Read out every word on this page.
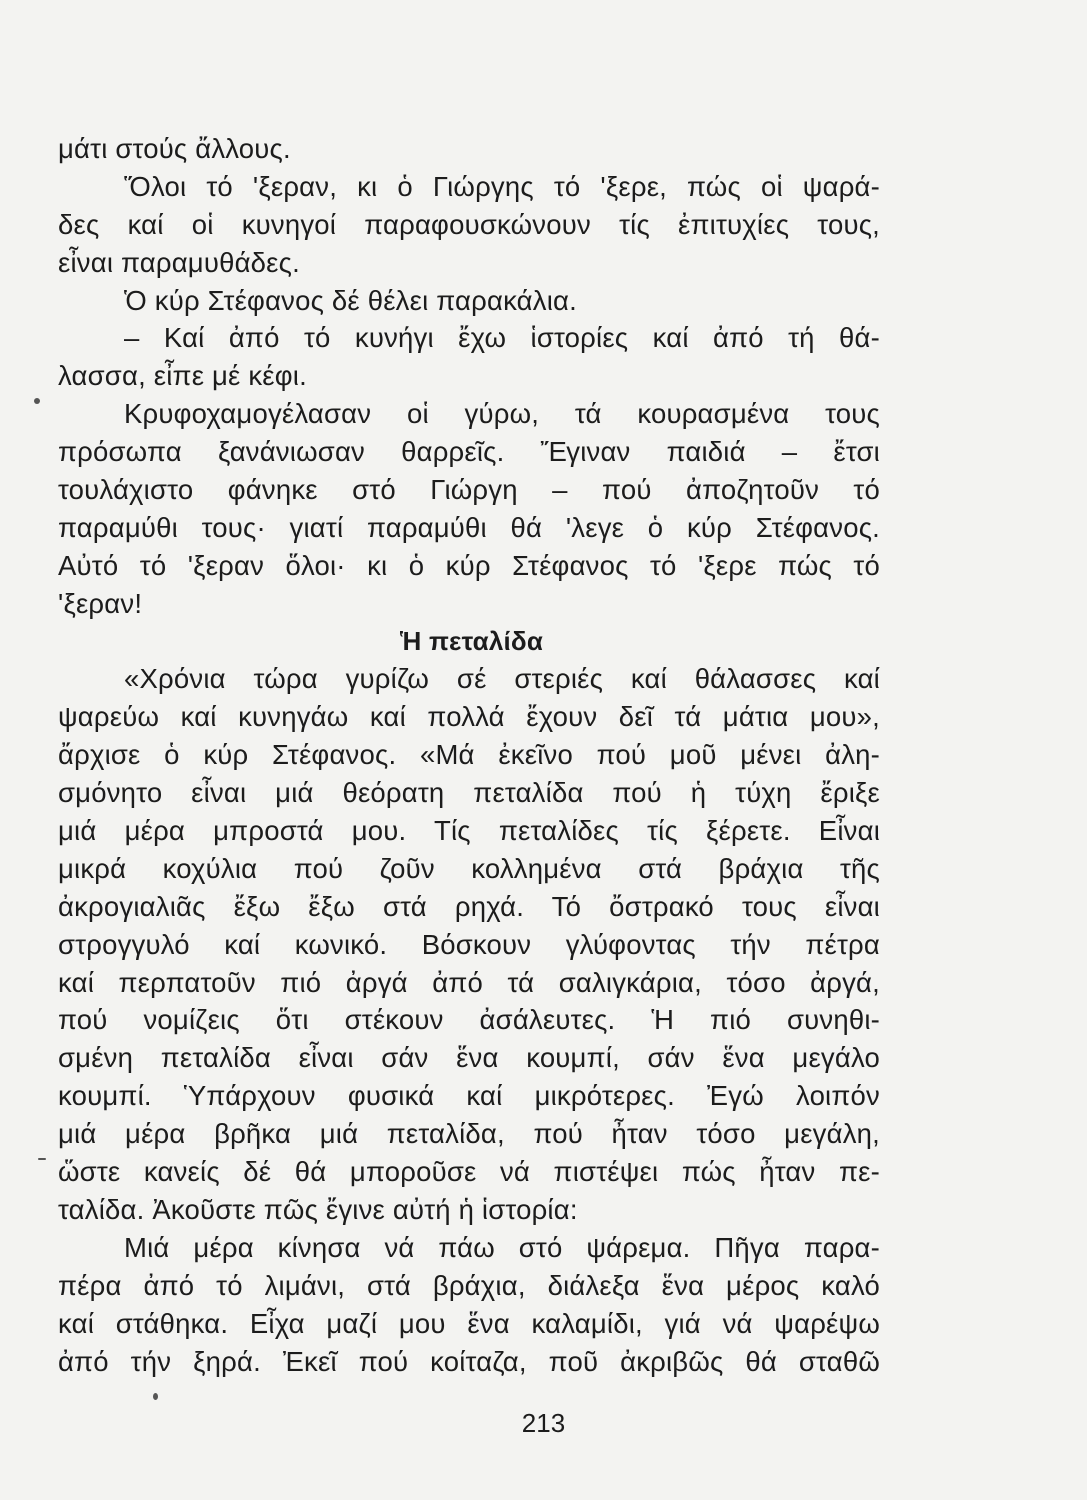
μάτι στούς ἄλλους.
Ὅλοι τό 'ξεραν, κι ὁ Γιώργης τό 'ξερε, πώς οἱ ψαρά-
δες καί οἱ κυνηγοί παραφουσκώνουν τίς ἐπιτυχίες τους,
εἶναι παραμυθάδες.
Ὁ κύρ Στέφανος δέ θέλει παρακάλια.
– Καί ἀπό τό κυνήγι ἔχω ἱστορίες καί ἀπό τή θά-
λασσα, εἶπε μέ κέφι.
Κρυφοχαμογέλασαν οἱ γύρω, τά κουρασμένα τους
πρόσωπα ξανάνιωσαν θαρρεῖς. Ἔγιναν παιδιά – ἔτσι
τουλάχιστο φάνηκε στό Γιώργη – πού ἀποζητοῦν τό
παραμύθι τους· γιατί παραμύθι θά 'λεγε ὁ κύρ Στέφανος.
Αὐτό τό 'ξεραν ὅλοι· κι ὁ κύρ Στέφανος τό 'ξερε πώς τό
'ξεραν!
Ἡ πεταλίδα
«Χρόνια τώρα γυρίζω σέ στεριές καί θάλασσες καί
ψαρεύω καί κυνηγάω καί πολλά ἔχουν δεῖ τά μάτια μου»,
ἄρχισε ὁ κύρ Στέφανος. «Μά ἐκεῖνο πού μοῦ μένει ἀλη-
σμόνητο εἶναι μιά θεόρατη πεταλίδα πού ἡ τύχη ἔριξε
μιά μέρα μπροστά μου. Τίς πεταλίδες τίς ξέρετε. Εἶναι
μικρά κοχύλια πού ζοῦν κολλημένα στά βράχια τῆς
ἀκρογιαλιᾶς ἔξω ἔξω στά ρηχά. Τό ὄστρακό τους εἶναι
στρογγυλό καί κωνικό. Βόσκουν γλύφοντας τήν πέτρα
καί περπατοῦν πιό ἀργά ἀπό τά σαλιγκάρια, τόσο ἀργά,
πού νομίζεις ὅτι στέκουν ἀσάλευτες. Ἡ πιό συνηθι-
σμένη πεταλίδα εἶναι σάν ἕνα κουμπί, σάν ἕνα μεγάλο
κουμπί. Ὑπάρχουν φυσικά καί μικρότερες. Ἐγώ λοιπόν
μιά μέρα βρῆκα μιά πεταλίδα, πού ἦταν τόσο μεγάλη,
ὥστε κανείς δέ θά μποροῦσε νά πιστέψει πώς ἦταν πε-
ταλίδα. Ἀκοῦστε πῶς ἔγινε αὐτή ἡ ἱστορία:
Μιά μέρα κίνησα νά πάω στό ψάρεμα. Πῆγα παρα-
πέρα ἀπό τό λιμάνι, στά βράχια, διάλεξα ἕνα μέρος καλό
καί στάθηκα. Εἶχα μαζί μου ἕνα καλαμίδι, γιά νά ψαρέψω
ἀπό τήν ξηρά. Ἐκεῖ πού κοίταζα, ποῦ ἀκριβῶς θά σταθῶ
213
